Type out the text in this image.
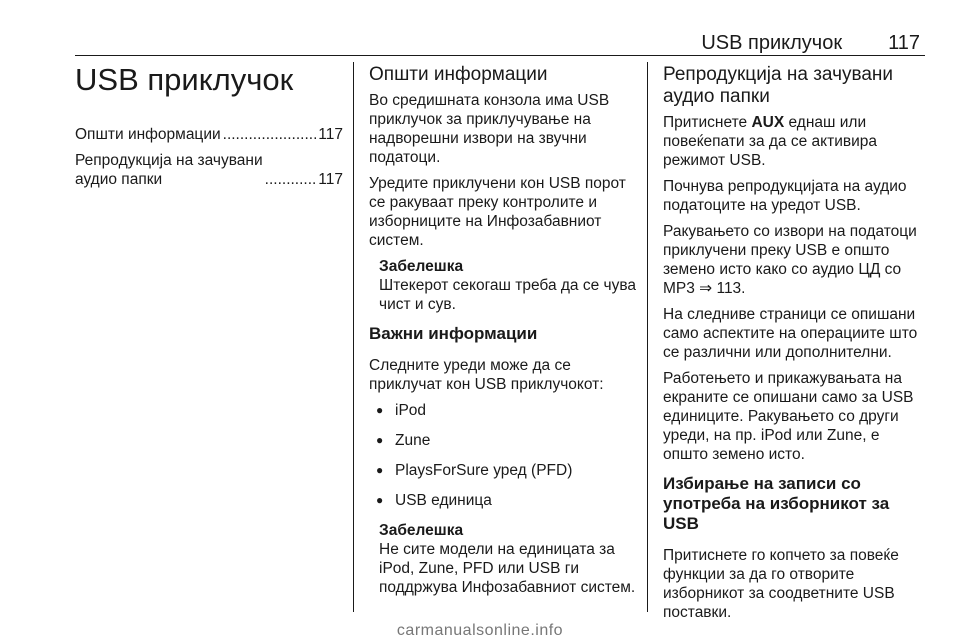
USB приклучок 117
USB приклучок
Општи информации .....	117
Репродукција на зачувани
аудио папки .....	117
Општи информации

Во средишната конзола има USB приклучок за приклучување на надворешни извори на звучни податоци.

Уредите приклучени кон USB порот се ракуваат преку контролите и изборниците на Инфозабавниот систем.

Забелешка
Штекерот секогаш треба да се чува чист и сув.
Важни информации

Следните уреди може да се приклучат кон USB приклучокот:

● iPod
● Zune
● PlaysForSure уред (PFD)
● USB единица
Забелешка
Не сите модели на единицата за iPod, Zune, PFD или USB ги поддржува Инфозабавниот систем.
Репродукција на зачувани аудио папки

Притиснете AUX еднаш или повеќепати за да се активира режимот USB.

Почнува репродукцијата на аудио податоците на уредот USB.

Ракувањето со извори на податоци приклучени преку USB е општо земено исто како со аудио ЦД со MP3 ⇒ 113.

На следниве страници се опишани само аспектите на операциите што се различни или дополнителни.

Работењето и прикажувањата на екраните се опишани само за USB единиците. Ракувањето со други уреди, на пр. iPod или Zune, е општо земено исто.

Избирање на записи со употреба на изборникот за USB

Притиснете го копчето за повеќе функции за да го отворите изборникот за соодветните USB поставки.

carmanualsonline.info
